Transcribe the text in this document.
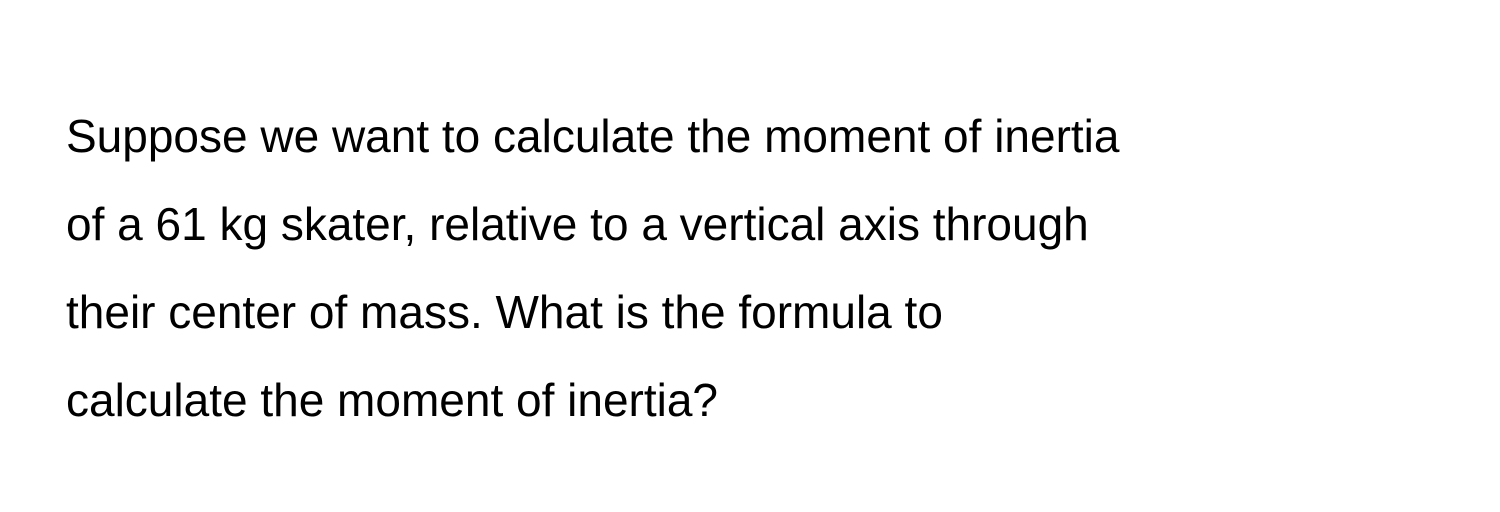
Suppose we want to calculate the moment of inertia
of a 61 kg skater, relative to a vertical axis through
their center of mass. What is the formula to
calculate the moment of inertia?
